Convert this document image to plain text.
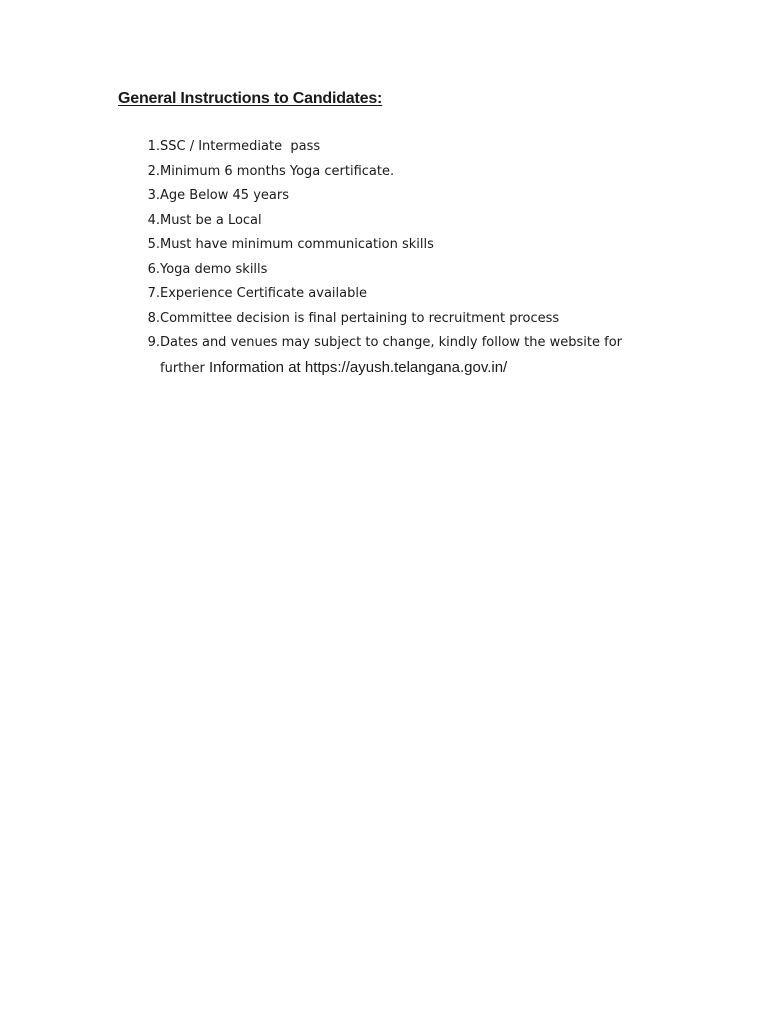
General Instructions to Candidates:
1. SSC / Intermediate  pass
2. Minimum 6 months Yoga certificate.
3. Age Below 45 years
4. Must be a Local
5. Must have minimum communication skills
6. Yoga demo skills
7. Experience Certificate available
8. Committee decision is final pertaining to recruitment process
9. Dates and venues may subject to change, kindly follow the website for
further Information at https://ayush.telangana.gov.in/
